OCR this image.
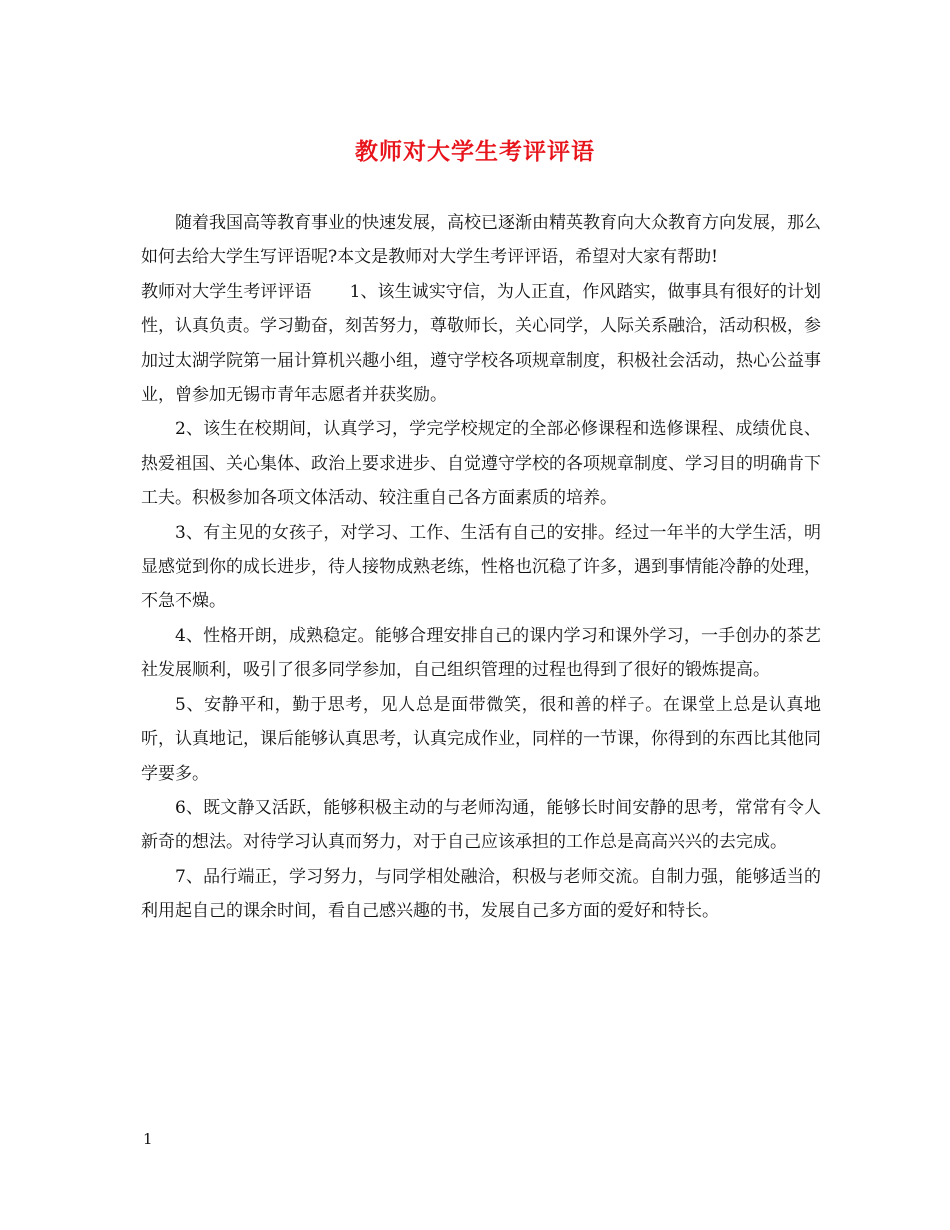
教师对大学生考评评语

随着我国高等教育事业的快速发展，高校已逐渐由精英教育向大众教育方向发展，那么如何去给大学生写评语呢?本文是教师对大学生考评评语，希望对大家有帮助!

教师对大学生考评评语 1、该生诚实守信，为人正直，作风踏实，做事具有很好的计划性，认真负责。学习勤奋，刻苦努力，尊敬师长，关心同学，人际关系融洽，活动积极，参加过太湖学院第一届计算机兴趣小组，遵守学校各项规章制度，积极社会活动，热心公益事业，曾参加无锡市青年志愿者并获奖励。

2、该生在校期间，认真学习，学完学校规定的全部必修课程和选修课程、成绩优良、热爱祖国、关心集体、政治上要求进步、自觉遵守学校的各项规章制度、学习目的明确肯下工夫。积极参加各项文体活动、较注重自己各方面素质的培养。

3、有主见的女孩子，对学习、工作、生活有自己的安排。经过一年半的大学生活，明显感觉到你的成长进步，待人接物成熟老练，性格也沉稳了许多，遇到事情能冷静的处理，不急不燥。

4、性格开朗，成熟稳定。能够合理安排自己的课内学习和课外学习，一手创办的茶艺社发展顺利，吸引了很多同学参加，自己组织管理的过程也得到了很好的锻炼提高。

5、安静平和，勤于思考，见人总是面带微笑，很和善的样子。在课堂上总是认真地听，认真地记，课后能够认真思考，认真完成作业，同样的一节课，你得到的东西比其他同学要多。

6、既文静又活跃，能够积极主动的与老师沟通，能够长时间安静的思考，常常有令人新奇的想法。对待学习认真而努力，对于自己应该承担的工作总是高高兴兴的去完成。

7、品行端正，学习努力，与同学相处融洽，积极与老师交流。自制力强，能够适当的利用起自己的课余时间，看自己感兴趣的书，发展自己多方面的爱好和特长。

1
